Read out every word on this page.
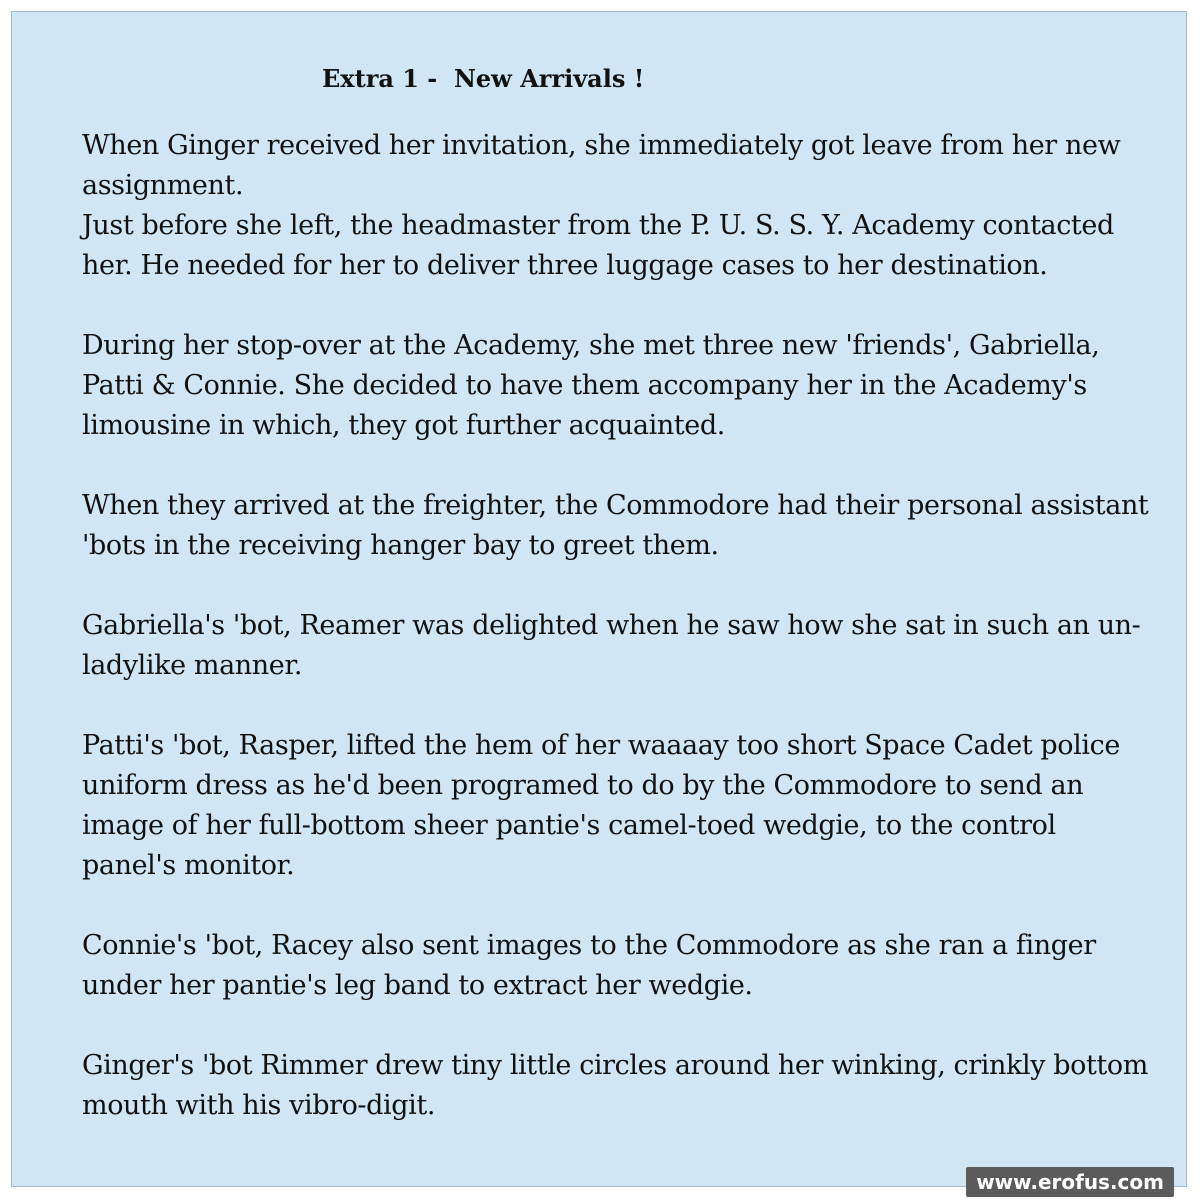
Extra 1 -  New Arrivals !

When Ginger received her invitation, she immediately got leave from her new assignment.

Just before she left, the headmaster from the P. U. S. S. Y. Academy contacted her. He needed for her to deliver three luggage cases to her destination.

During her stop-over at the Academy, she met three new 'friends', Gabriella, Patti & Connie. She decided to have them accompany her in the Academy's limousine in which, they got further acquainted.

When they arrived at the freighter, the Commodore had their personal assistant 'bots in the receiving hanger bay to greet them.

Gabriella's 'bot, Reamer was delighted when he saw how she sat in such an un-ladylike manner.

Patti's 'bot, Rasper, lifted the hem of her waaaay too short Space Cadet police uniform dress as he'd been programed to do by the Commodore to send an image of her full-bottom sheer pantie's camel-toed wedgie, to the control panel's monitor.

Connie's 'bot, Racey also sent images to the Commodore as she ran a finger under her pantie's leg band to extract her wedgie.

Ginger's 'bot Rimmer drew tiny little circles around her winking, crinkly bottom mouth with his vibro-digit.

www.erofus.com
